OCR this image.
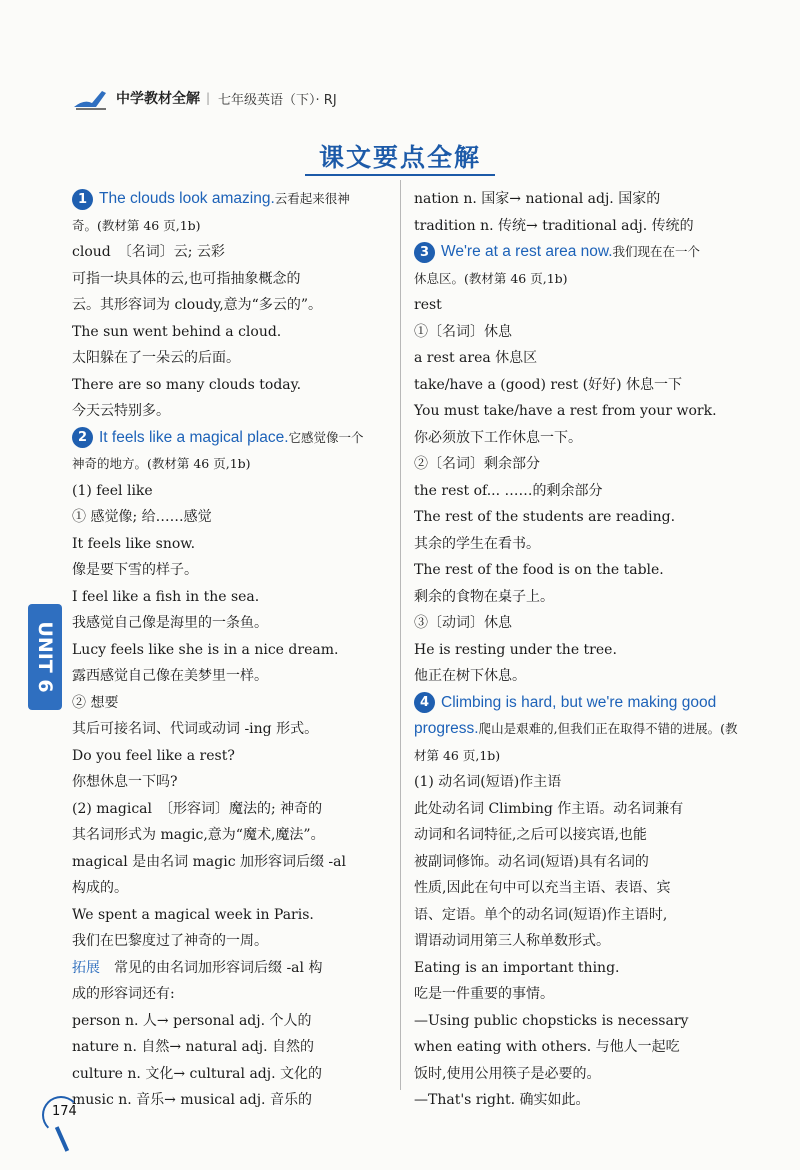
中学教材全解 | 七年级英语（下）· RJ
课文要点全解
1 The clouds look amazing.云看起来很神
奇。(教材第 46 页,1b)
cloud　〔名词〕云; 云彩
可指一块具体的云,也可指抽象概念的
云。其形容词为 cloudy,意为“多云的”。
The sun went behind a cloud.
太阳躲在了一朵云的后面。
There are so many clouds today.
今天云特别多。
2 It feels like a magical place.它感觉像一个
神奇的地方。(教材第 46 页,1b)
(1) feel like
① 感觉像; 给……感觉
It feels like snow.
像是要下雪的样子。
I feel like a fish in the sea.
我感觉自己像是海里的一条鱼。
Lucy feels like she is in a nice dream.
露西感觉自己像在美梦里一样。
② 想要
其后可接名词、代词或动词 -ing 形式。
Do you feel like a rest?
你想休息一下吗?
(2) magical　〔形容词〕魔法的; 神奇的
其名词形式为 magic,意为“魔术,魔法”。
magical 是由名词 magic 加形容词后缀 -al
构成的。
We spent a magical week in Paris.
我们在巴黎度过了神奇的一周。
拓展　 常见的由名词加形容词后缀 -al 构
成的形容词还有:
person n. 人→ personal adj. 个人的
nature n. 自然→ natural adj. 自然的
culture n. 文化→ cultural adj. 文化的
music n. 音乐→ musical adj. 音乐的
nation n. 国家→ national adj. 国家的
tradition n. 传统→ traditional adj. 传统的
3 We're at a rest area now.我们现在在一个
休息区。(教材第 46 页,1b)
rest
①〔名词〕休息
a rest area 休息区
take/have a (good) rest (好好) 休息一下
You must take/have a rest from your work.
你必须放下工作休息一下。
②〔名词〕剩余部分
the rest of... ……的剩余部分
The rest of the students are reading.
其余的学生在看书。
The rest of the food is on the table.
剩余的食物在桌子上。
③〔动词〕休息
He is resting under the tree.
他正在树下休息。
4 Climbing is hard, but we're making good progress.爬山是艰难的,但我们正在取得不错的进展。(教材第 46 页,1b)
(1) 动名词(短语)作主语
此处动名词 Climbing 作主语。动名词兼有
动词和名词特征,之后可以接宾语,也能
被副词修饰。动名词(短语)具有名词的
性质,因此在句中可以充当主语、表语、宾
语、定语。单个的动名词(短语)作主语时,
谓语动词用第三人称单数形式。
Eating is an important thing.
吃是一件重要的事情。
—Using public chopsticks is necessary
when eating with others. 与他人一起吃
饭时,使用公用筷子是必要的。
—That's right. 确实如此。
UNIT 6
174
